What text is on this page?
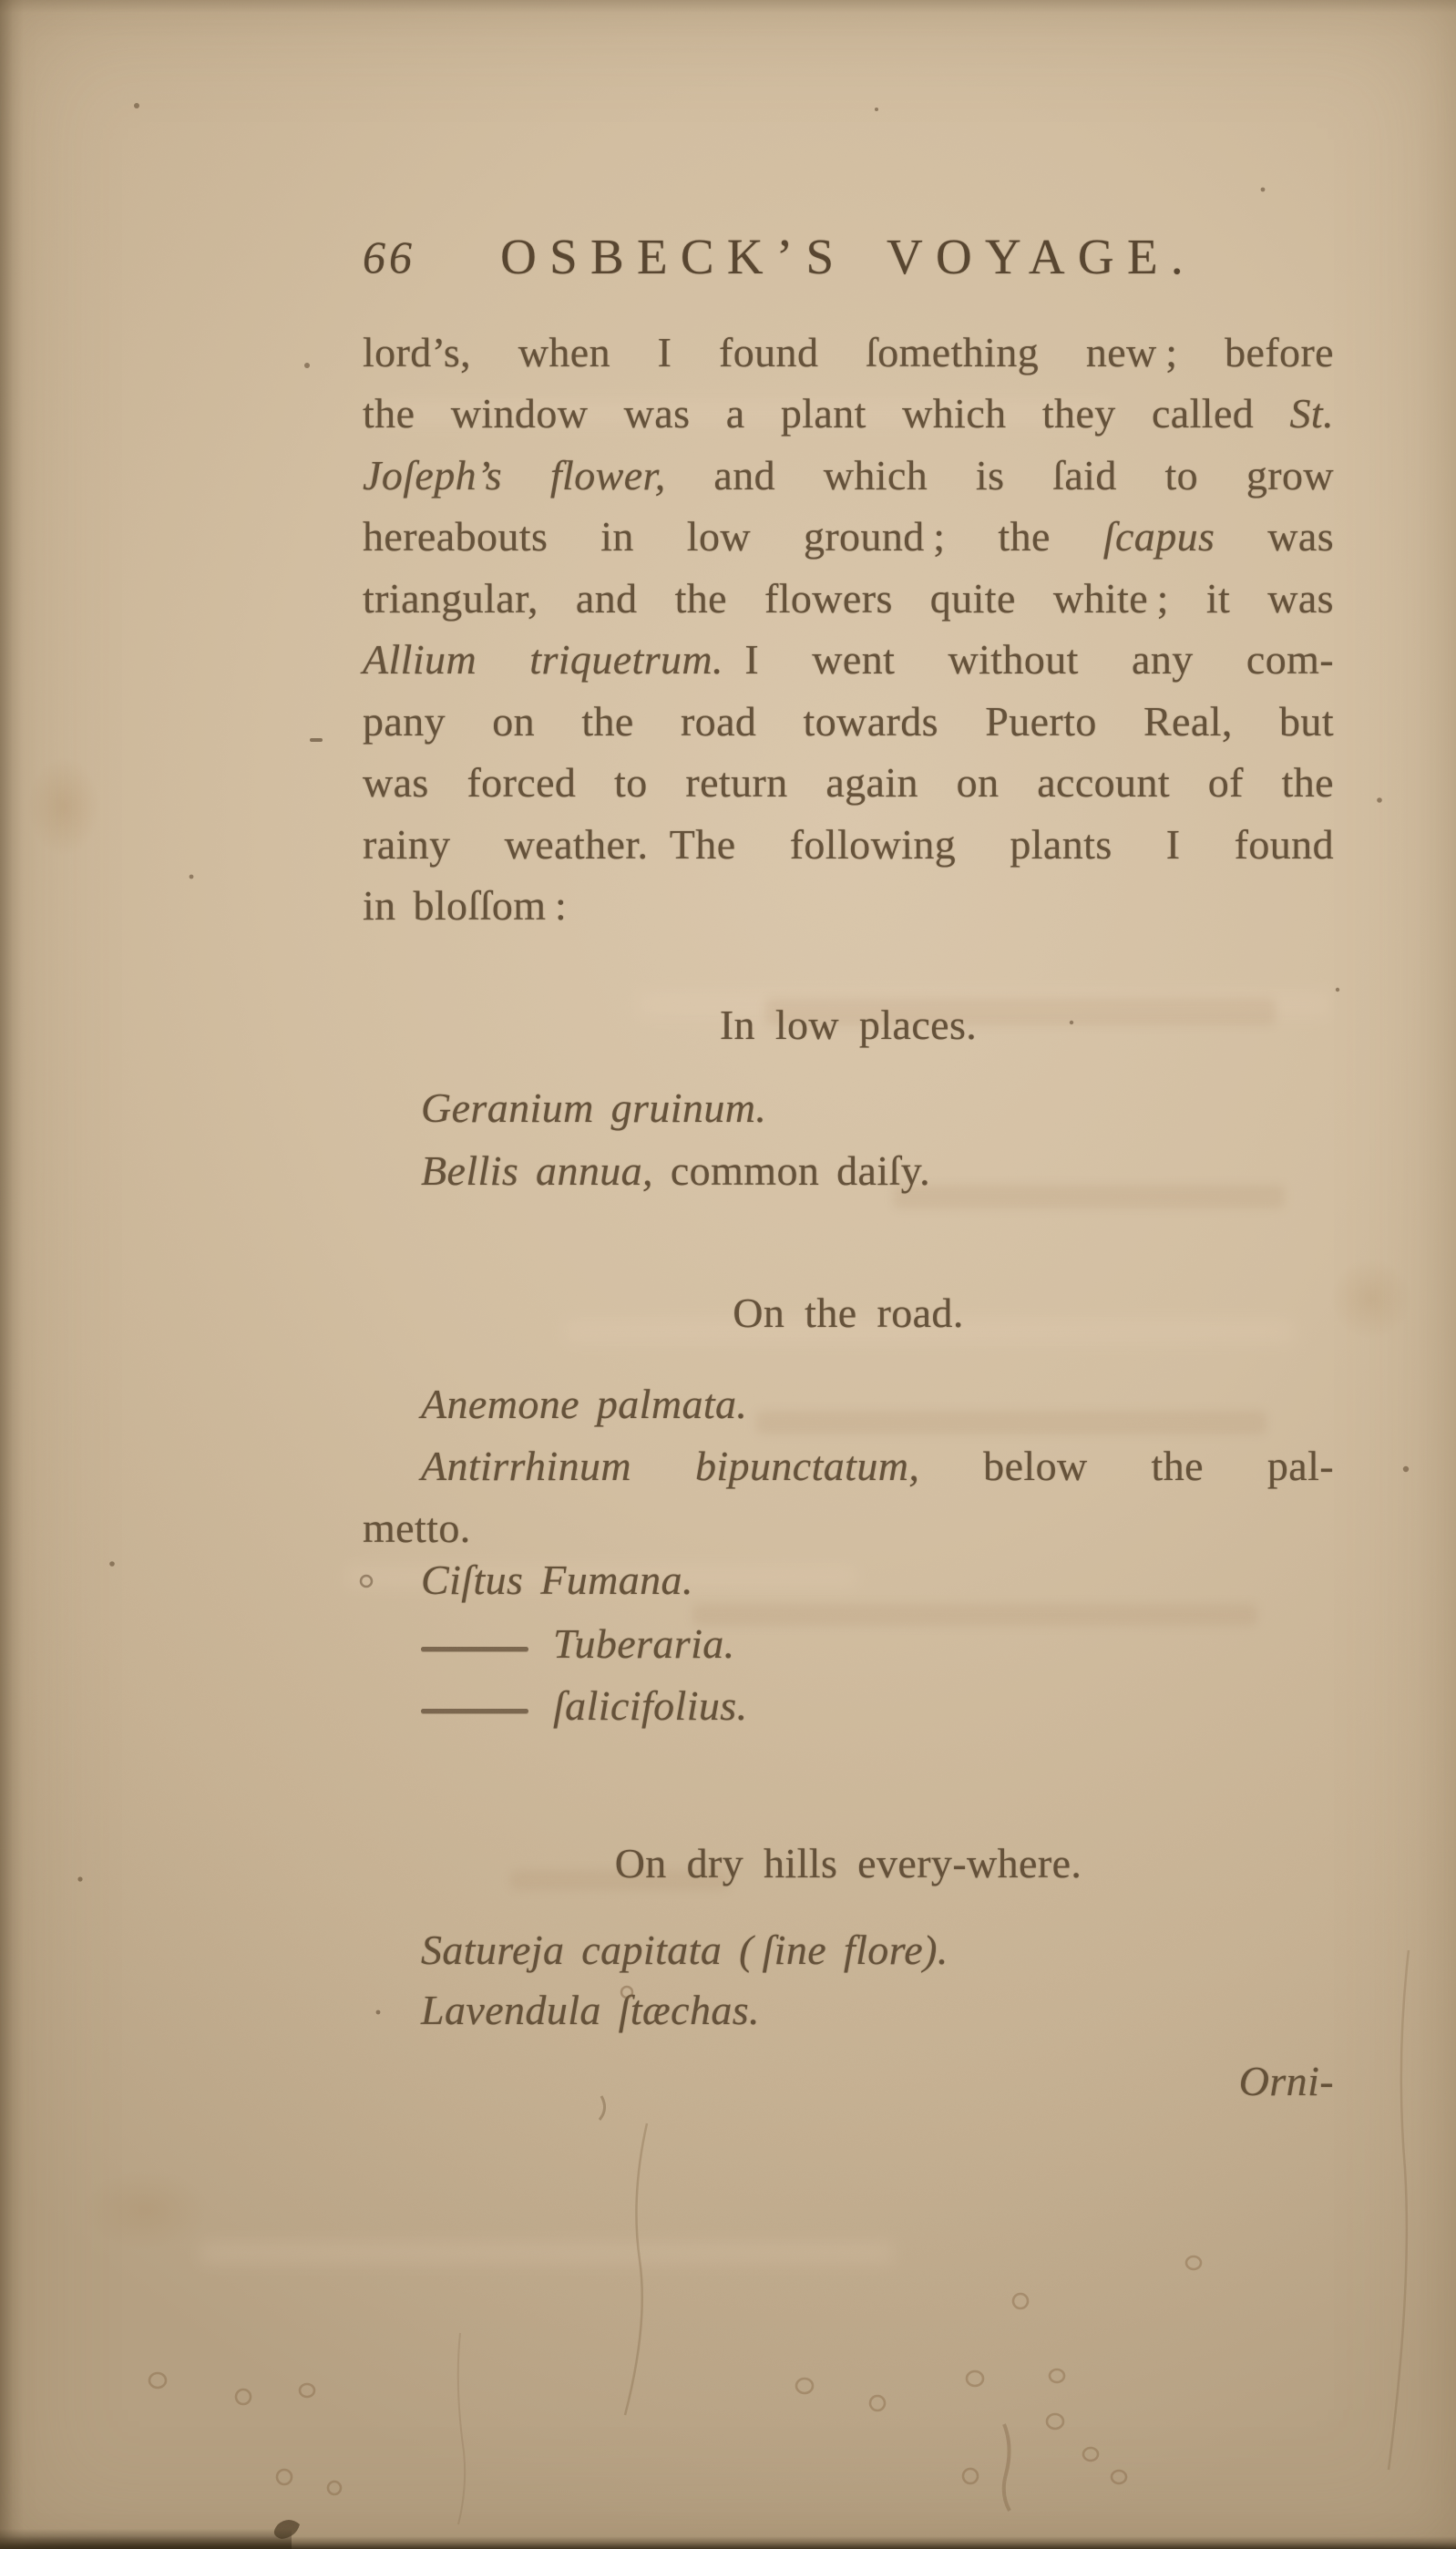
66	OSBECK’S VOYAGE.
lord’s, when I found ſomething new ; before
the window was a plant which they called St.
Joſeph’s flower, and which is ſaid to grow
hereabouts in low ground ; the ſcapus was
triangular, and the flowers quite white ; it was
Allium triquetrum. I went without any com-
pany on the road towards Puerto Real, but
was forced to return again on account of the
rainy weather. The following plants I found
in bloſſom :
In low places.
Geranium gruinum.
Bellis annua, common daiſy.
On the road.
Anemone palmata.
Antirrhinum bipunctatum, below the pal-
metto.
Ciſtus Fumana.
Tuberaria.
ſalicifolius.
On dry hills every-where.
Satureja capitata ( ſine flore).
Lavendula ſtæchas.
Orni-
